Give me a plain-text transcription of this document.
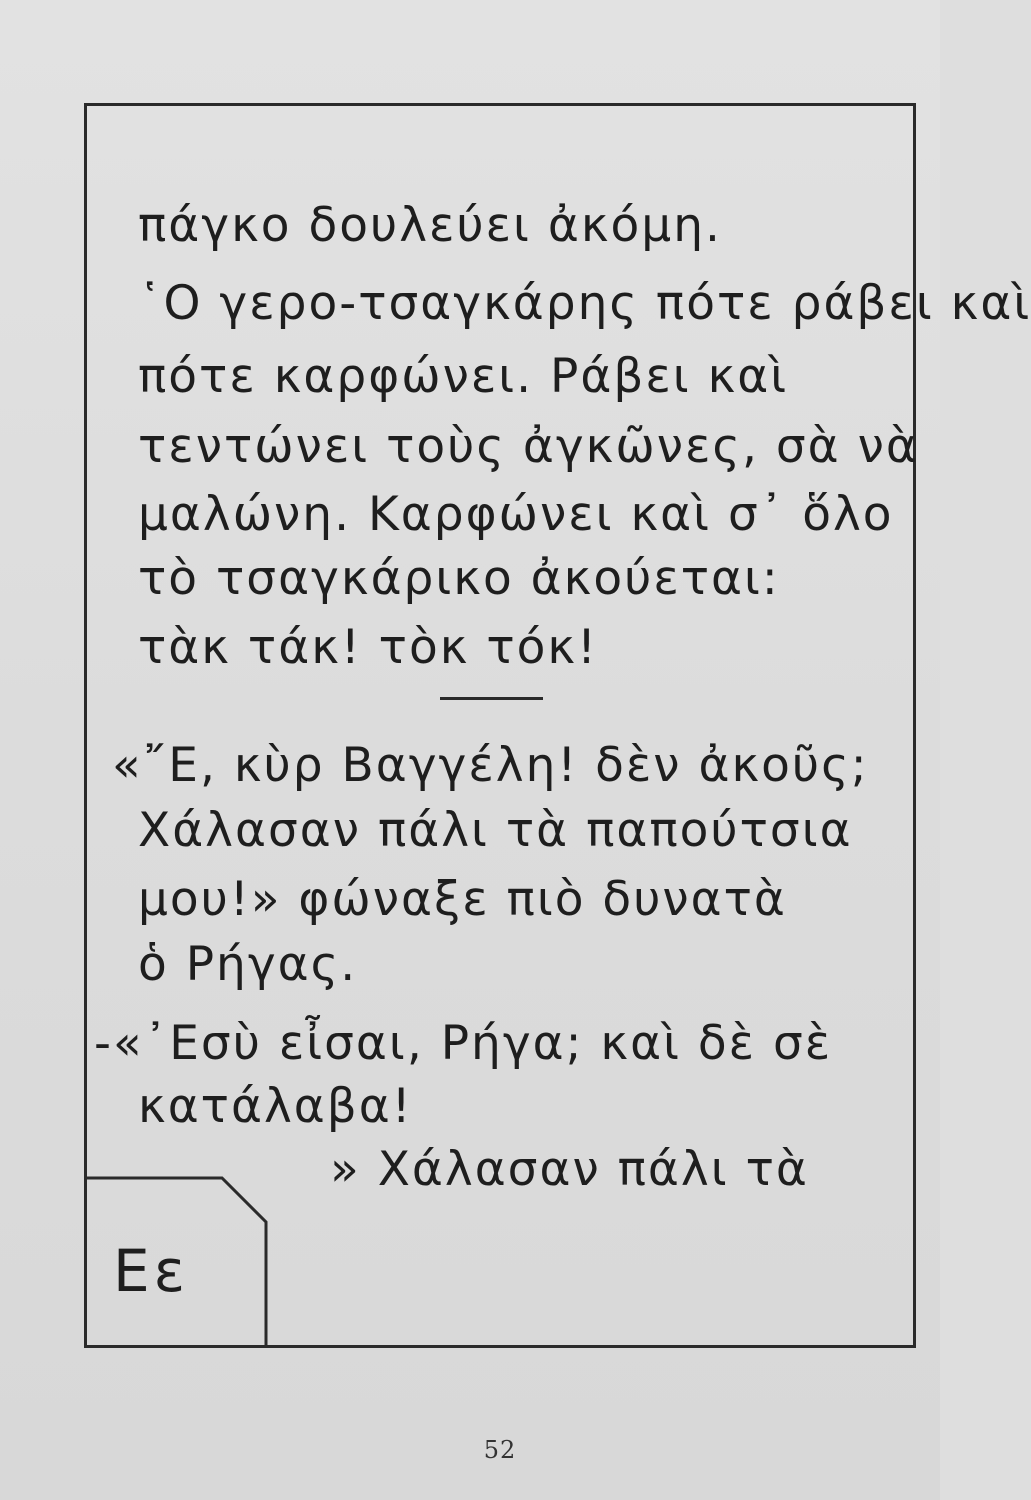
πάγκο δουλεύει ἀκόμη.
῾Ο γερο-τσαγκάρης πότε ράβει καὶ
πότε καρφώνει. Ράβει καὶ
τεντώνει τοὺς ἀγκῶνες, σὰ νὰ
μαλώνη. Καρφώνει καὶ σ᾽ ὅλο
τὸ τσαγκάρικο ἀκούεται:
τὰκ τάκ! τὸκ τόκ!
«῎Ε, κὺρ Βαγγέλη! δὲν ἀκοῦς;
Χάλασαν πάλι τὰ παπούτσια
μου!» φώναξε πιὸ δυνατὰ
ὁ Ρήγας.
-«᾽Εσὺ εἶσαι, Ρήγα; καὶ δὲ σὲ
κατάλαβα!
» Χάλασαν πάλι τὰ
Εε
52
